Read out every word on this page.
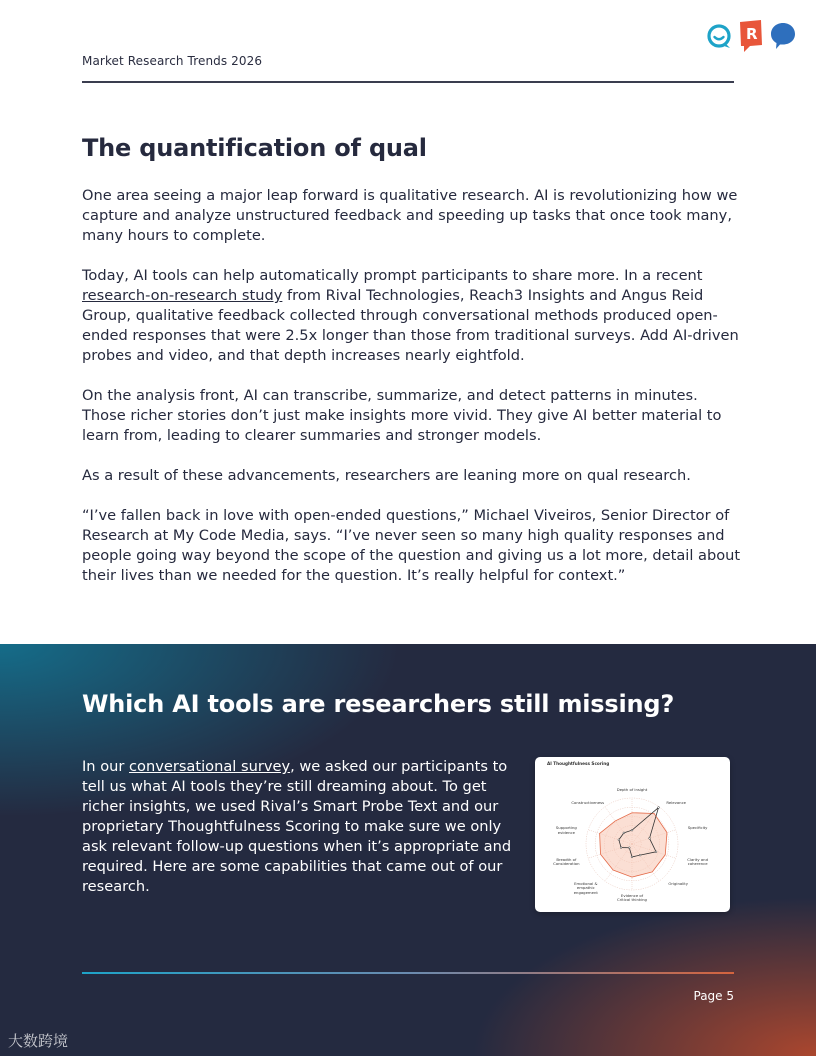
Market Research Trends 2026
R
The quantification of qual

One area seeing a major leap forward is qualitative research. AI is revolutionizing how we capture and analyze unstructured feedback and speeding up tasks that once took many, many hours to complete.

Today, AI tools can help automatically prompt participants to share more. In a recent research-on-research study from Rival Technologies, Reach3 Insights and Angus Reid Group, qualitative feedback collected through conversational methods produced open-ended responses that were 2.5x longer than those from traditional surveys. Add AI-driven probes and video, and that depth increases nearly eightfold.

On the analysis front, AI can transcribe, summarize, and detect patterns in minutes. Those richer stories don’t just make insights more vivid. They give AI better material to learn from, leading to clearer summaries and stronger models.

As a result of these advancements, researchers are leaning more on qual research.

“I’ve fallen back in love with open-ended questions,” Michael Viveiros, Senior Director of Research at My Code Media, says. “I’ve never seen so many high quality responses and people going way beyond the scope of the question and giving us a lot more, detail about their lives than we needed for the question. It’s really helpful for context.”

Which AI tools are researchers still missing?
In our conversational survey, we asked our participants to tell us what AI tools they’re still dreaming about. To get richer insights, we used Rival’s Smart Probe Text and our proprietary Thoughtfulness Scoring to make sure we only ask relevant follow-up questions when it’s appropriate and required. Here are some capabilities that came out of our research.
AI Thoughtfulness Scoring
Depth of insight
Relevance
Specificity
Clarity and coherence
Originality
Evidence of Critical thinking
Emotional & empathic engagement
Breadth of Consideration
Supporting evidence
Constructiveness
Page 5
大数跨境
